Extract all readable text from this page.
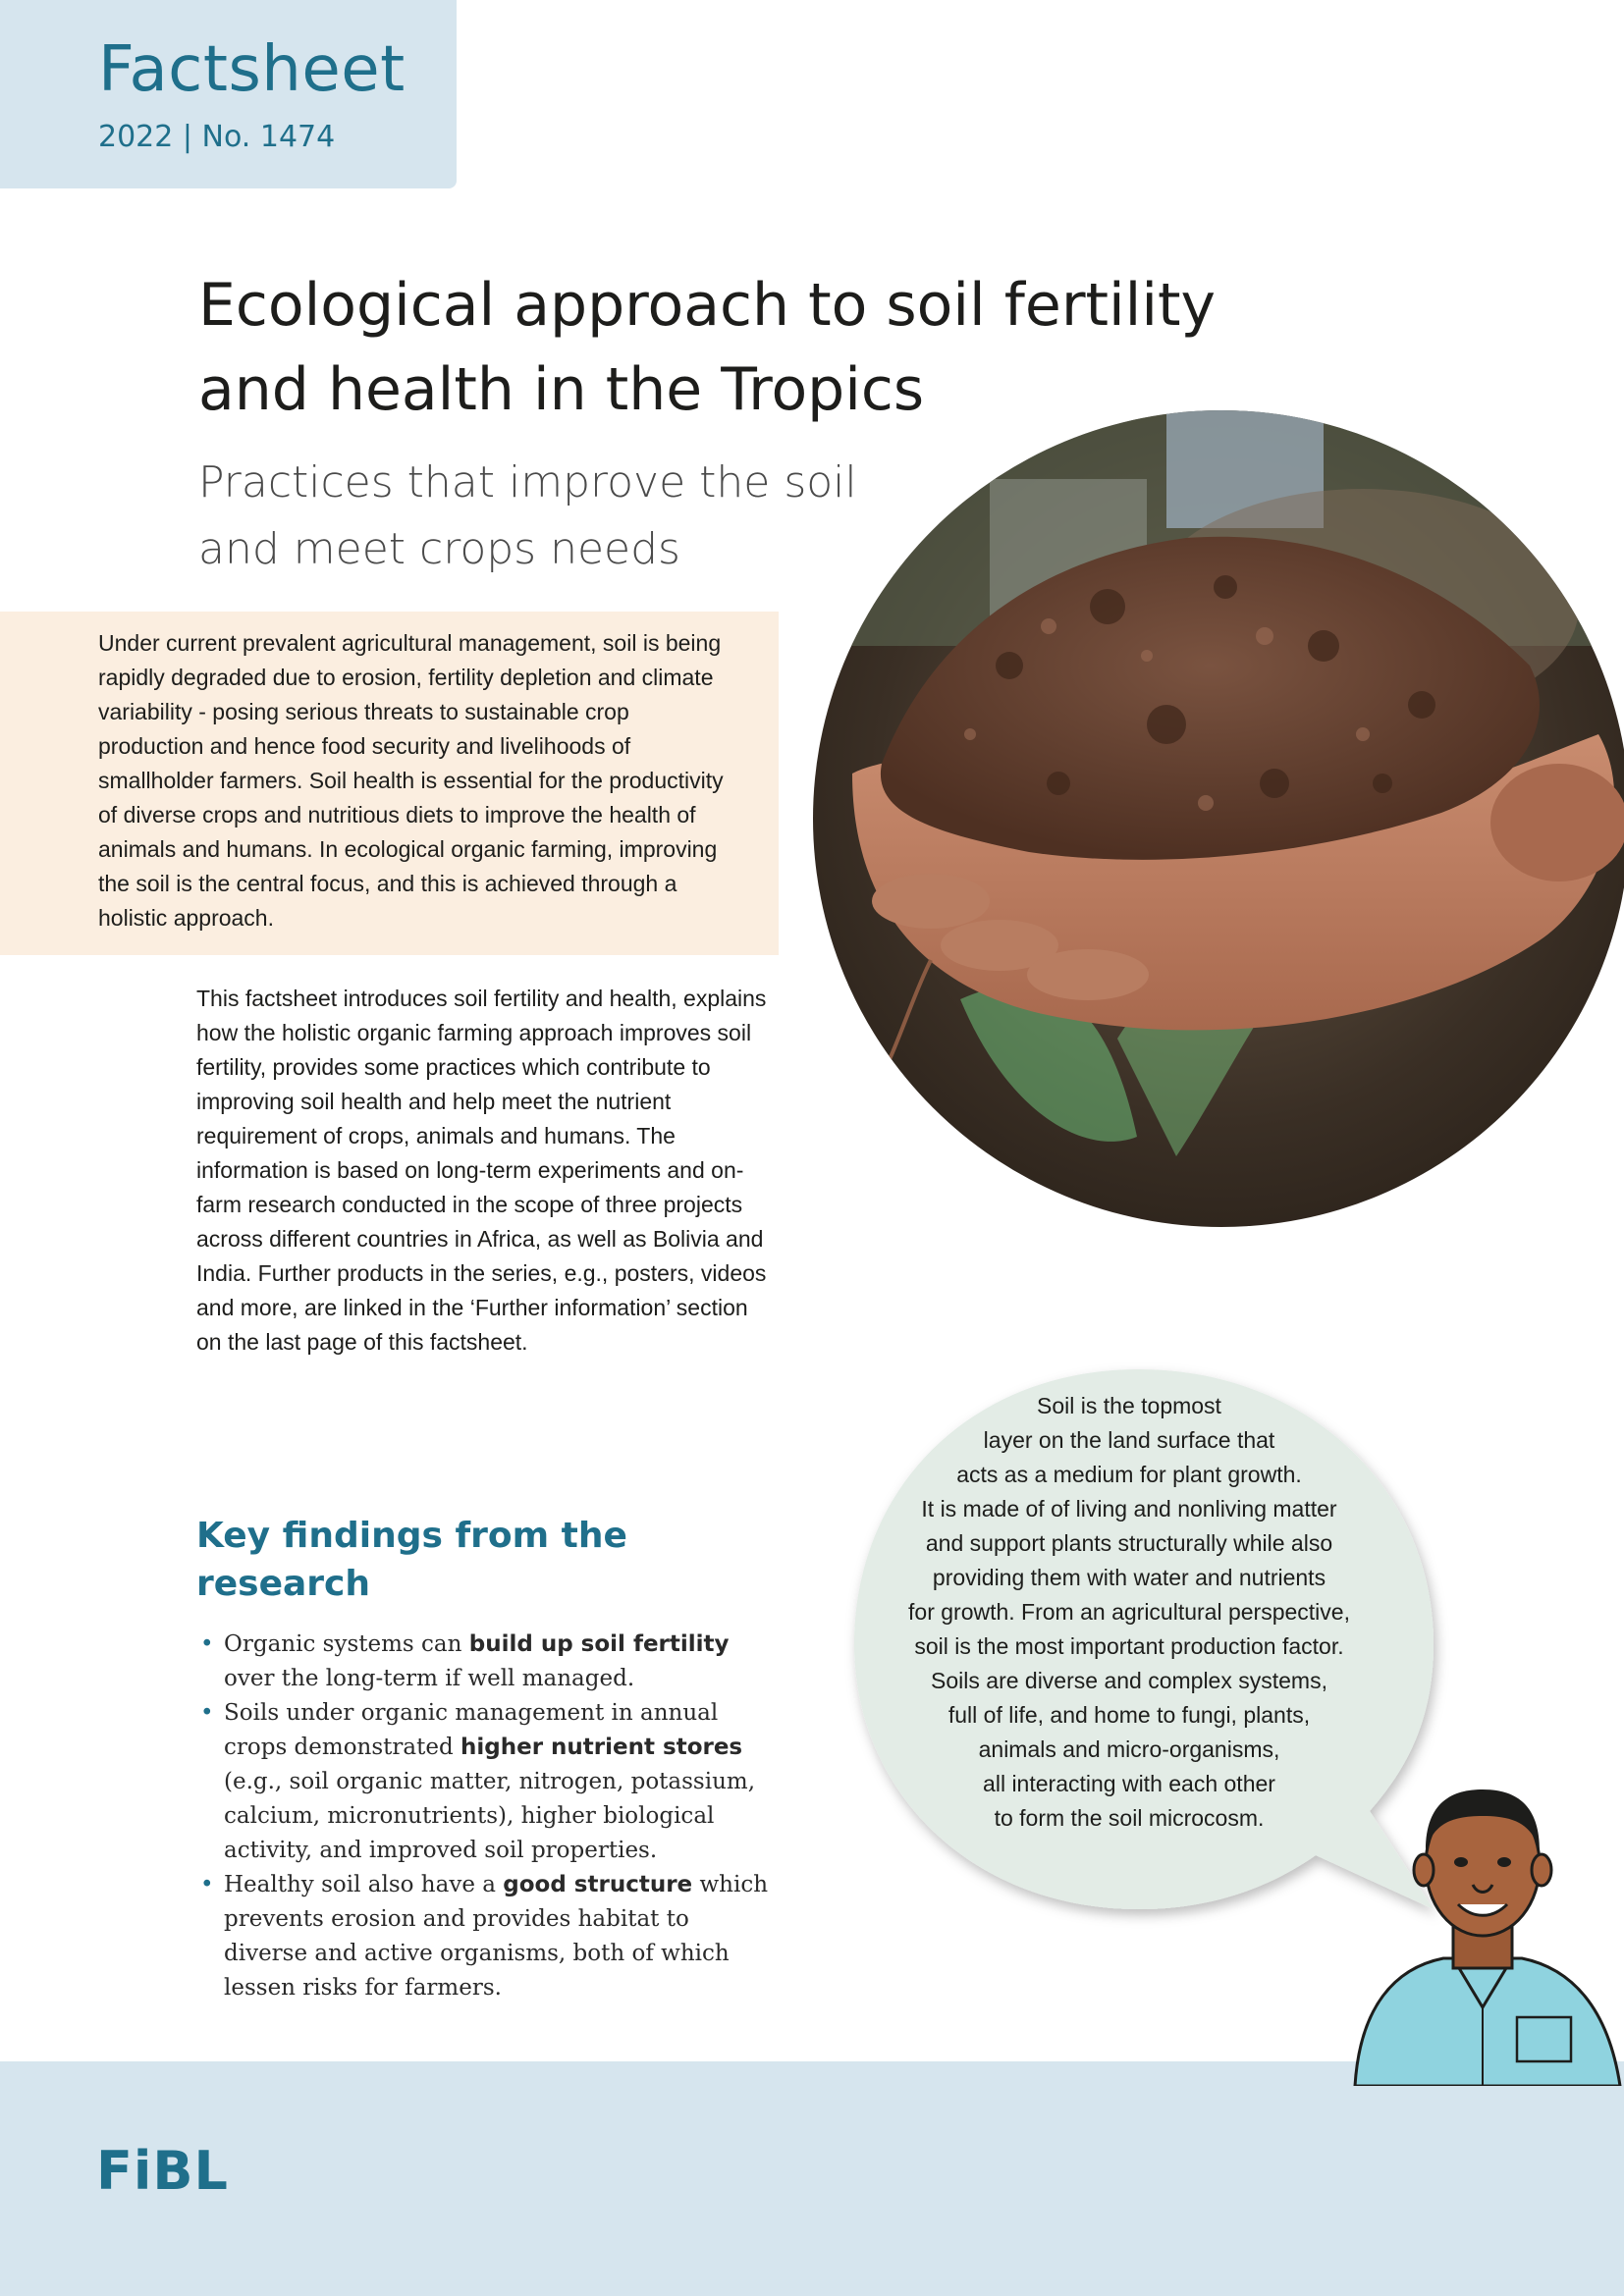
Factsheet
2022 | No. 1474
Ecological approach to soil fertility and health in the Tropics
Practices that improve the soil and meet crops needs

Under current prevalent agricultural management, soil is being rapidly degraded due to erosion, fertility depletion and climate variability - posing serious threats to sustainable crop production and hence food security and livelihoods of smallholder farmers. Soil health is essential for the productivity of diverse crops and nutritious diets to improve the health of animals and humans. In ecological organic farming, improving the soil is the central focus, and this is achieved through a holistic approach.

This factsheet introduces soil fertility and health, explains how the holistic organic farming approach improves soil fertility, provides some practices which contribute to improving soil health and help meet the nutrient requirement of crops, animals and humans. The information is based on long-term experiments and on-farm research conducted in the scope of three projects across different countries in Africa, as well as Bolivia and India. Further products in the series, e.g., posters, videos and more, are linked in the ‘Further information’ section on the last page of this factsheet.

Soil is the topmost
layer on the land surface that
acts as a medium for plant growth.
It is made of of living and nonliving matter
and support plants structurally while also
providing them with water and nutrients
for growth. From an agricultural perspective,
soil is the most important production factor.
Soils are diverse and complex systems,
full of life, and home to fungi, plants,
animals and micro-organisms,
all interacting with each other
to form the soil microcosm.
Key findings from the research
• Organic systems can build up soil fertility over the long-term if well managed.
• Soils under organic management in annual crops demonstrated higher nutrient stores (e.g., soil organic matter, nitrogen, potassium, calcium, micronutrients), higher biological activity, and improved soil properties.
• Healthy soil also have a good structure which prevents erosion and provides habitat to diverse and active organisms, both of which lessen risks for farmers.
FiBL
